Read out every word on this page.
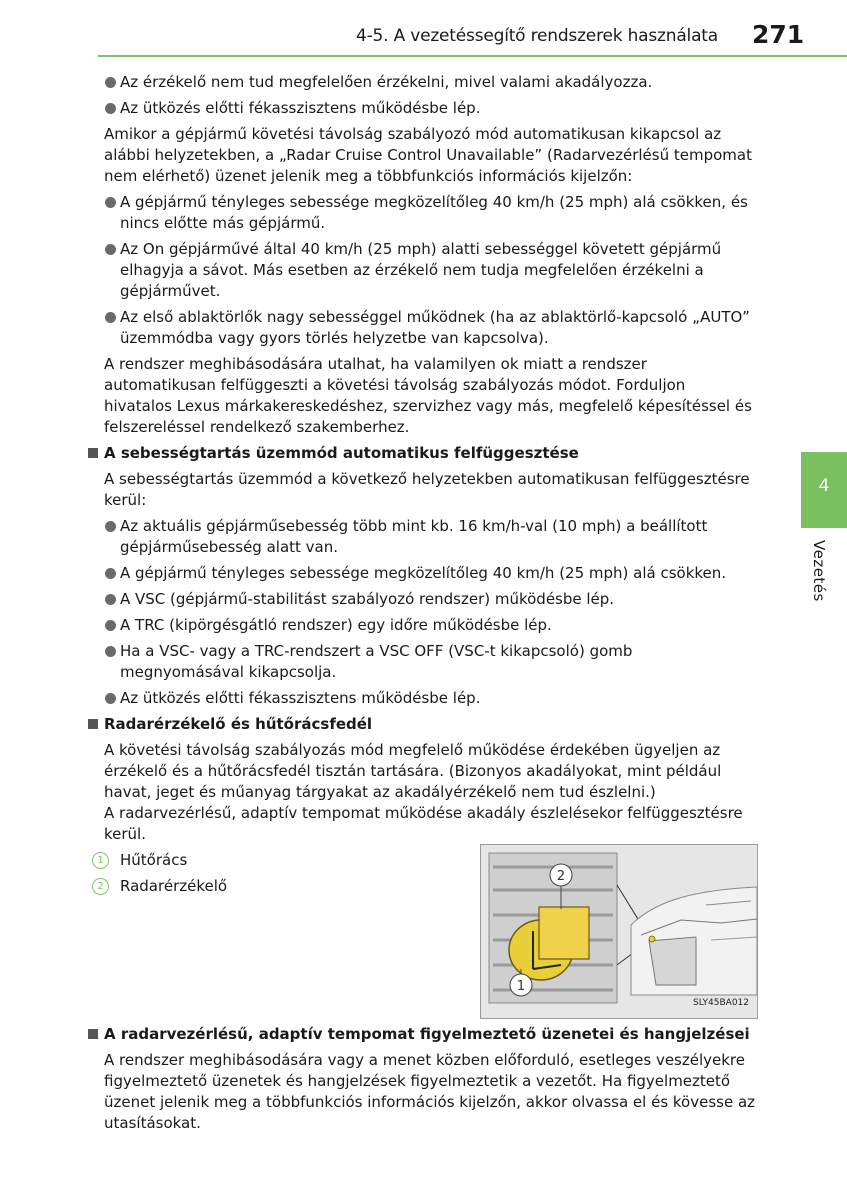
4-5. A vezetéssegítő rendszerek használata 271
4
Vezetés
Az érzékelő nem tud megfelelően érzékelni, mivel valami akadályozza.
Az ütközés előtti fékasszisztens működésbe lép.

Amikor a gépjármű követési távolság szabályozó mód automatikusan kikapcsol az alábbi helyzetekben, a „Radar Cruise Control Unavailable” (Radarvezérlésű tempomat nem elérhető) üzenet jelenik meg a többfunkciós információs kijelzőn:

A gépjármű tényleges sebessége megközelítőleg 40 km/h (25 mph) alá csökken, és nincs előtte más gépjármű.
Az On gépjárművé által 40 km/h (25 mph) alatti sebességgel követett gépjármű elhagyja a sávot. Más esetben az érzékelő nem tudja megfelelően érzékelni a gépjárművet.
Az első ablaktörlők nagy sebességgel működnek (ha az ablaktörlő-kapcsoló „AUTO” üzemmódba vagy gyors törlés helyzetbe van kapcsolva).

A rendszer meghibásodására utalhat, ha valamilyen ok miatt a rendszer automatikusan felfüggeszti a követési távolság szabályozás módot. Forduljon hivatalos Lexus márkakereskedéshez, szervizhez vagy más, megfelelő képesítéssel és felszereléssel rendelkező szakemberhez.

A sebességtartás üzemmód automatikus felfüggesztése

A sebességtartás üzemmód a következő helyzetekben automatikusan felfüggesztésre kerül:

Az aktuális gépjárműsebesség több mint kb. 16 km/h-val (10 mph) a beállított gépjárműsebesség alatt van.
A gépjármű tényleges sebessége megközelítőleg 40 km/h (25 mph) alá csökken.
A VSC (gépjármű-stabilitást szabályozó rendszer) működésbe lép.
A TRC (kipörgésgátló rendszer) egy időre működésbe lép.
Ha a VSC- vagy a TRC-rendszert a VSC OFF (VSC-t kikapcsoló) gomb megnyomásával kikapcsolja.
Az ütközés előtti fékasszisztens működésbe lép.
Radarérzékelő és hűtőrácsfedél

A követési távolság szabályozás mód megfelelő működése érdekében ügyeljen az érzékelő és a hűtőrácsfedél tisztán tartására. (Bizonyos akadályokat, mint például havat, jeget és műanyag tárgyakat az akadályérzékelő nem tud észlelni.)

A radarvezérlésű, adaptív tempomat működése akadály észlelésekor felfüggesztésre kerül.

1	Hűtőrács
2	Radarérzékelő
2
1
SLY45BA012
A radarvezérlésű, adaptív tempomat figyelmeztető üzenetei és hangjelzései

A rendszer meghibásodására vagy a menet közben előforduló, esetleges veszélyekre figyelmeztető üzenetek és hangjelzések figyelmeztetik a vezetőt. Ha figyelmeztető üzenet jelenik meg a többfunkciós információs kijelzőn, akkor olvassa el és kövesse az utasításokat.
